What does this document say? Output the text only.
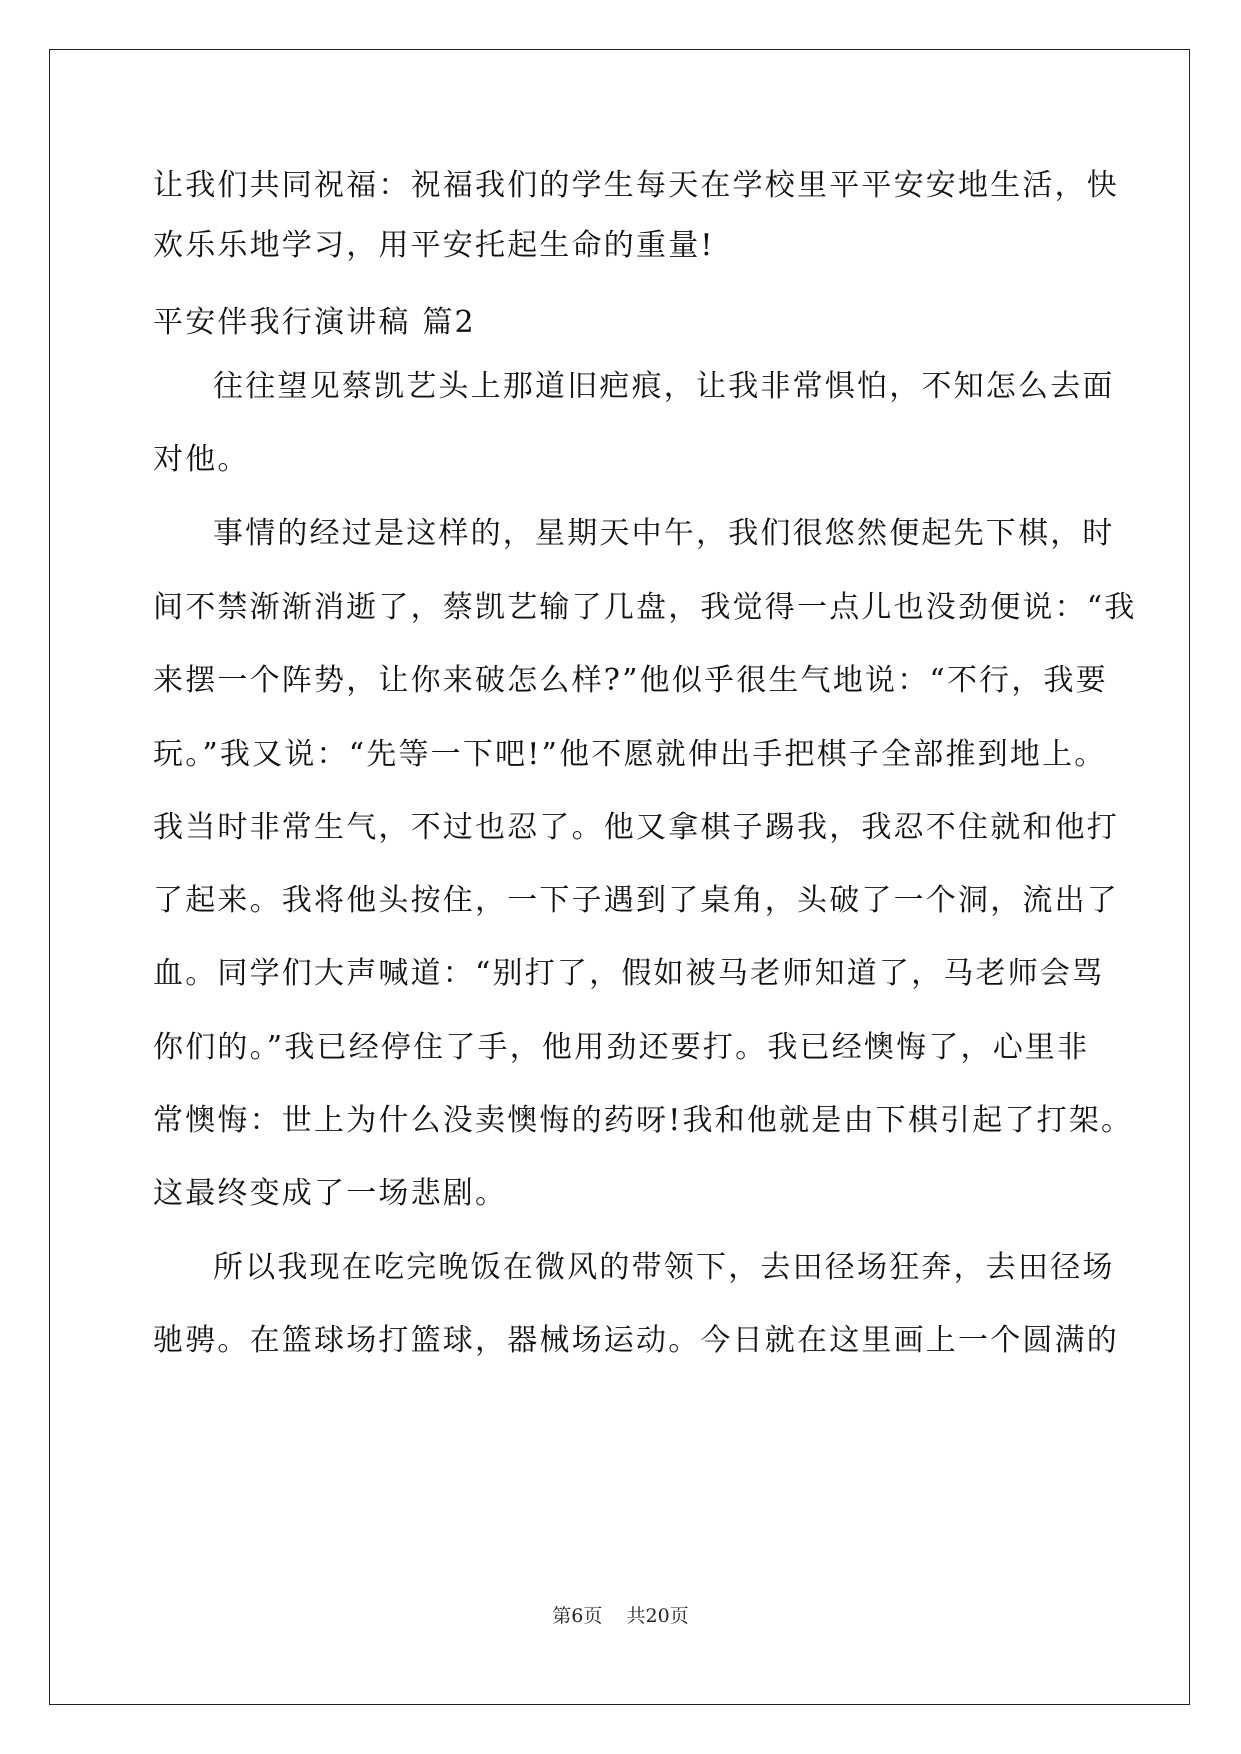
让我们共同祝福：祝福我们的学生每天在学校里平平安安地生活，快

欢乐乐地学习，用平安托起生命的重量!

平安伴我行演讲稿 篇2

往往望见蔡凯艺头上那道旧疤痕，让我非常惧怕，不知怎么去面

对他。

事情的经过是这样的，星期天中午，我们很悠然便起先下棋，时

间不禁渐渐消逝了，蔡凯艺输了几盘，我觉得一点儿也没劲便说：“我

来摆一个阵势，让你来破怎么样?”他似乎很生气地说：“不行，我要

玩。”我又说：“先等一下吧!”他不愿就伸出手把棋子全部推到地上。

我当时非常生气，不过也忍了。他又拿棋子踢我，我忍不住就和他打

了起来。我将他头按住，一下子遇到了桌角，头破了一个洞，流出了

血。同学们大声喊道：“别打了，假如被马老师知道了，马老师会骂

你们的。”我已经停住了手，他用劲还要打。我已经懊悔了，心里非

常懊悔：世上为什么没卖懊悔的药呀!我和他就是由下棋引起了打架。

这最终变成了一场悲剧。

所以我现在吃完晚饭在微风的带领下，去田径场狂奔，去田径场

驰骋。在篮球场打篮球，器械场运动。今日就在这里画上一个圆满的

第6页    共20页
